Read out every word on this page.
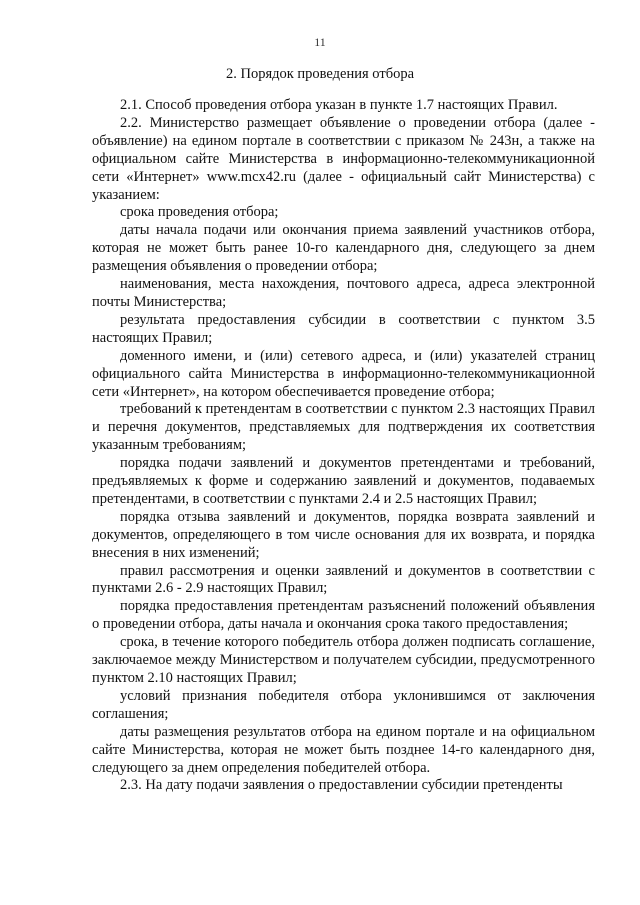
11
2. Порядок проведения отбора

2.1. Способ проведения отбора указан в пункте 1.7 настоящих Правил.

2.2. Министерство размещает объявление о проведении отбора (далее - объявление) на едином портале в соответствии с приказом № 243н, а также на официальном сайте Министерства в информационно-телекоммуникационной сети «Интернет» www.mcx42.ru (далее - официальный сайт Министерства) с указанием:

срока проведения отбора;

даты начала подачи или окончания приема заявлений участников отбора, которая не может быть ранее 10-го календарного дня, следующего за днем размещения объявления о проведении отбора;

наименования, места нахождения, почтового адреса, адреса электронной почты Министерства;

результата предоставления субсидии в соответствии с пунктом 3.5 настоящих Правил;

доменного имени, и (или) сетевого адреса, и (или) указателей страниц официального сайта Министерства в информационно-телекоммуникационной сети «Интернет», на котором обеспечивается проведение отбора;

требований к претендентам в соответствии с пунктом 2.3 настоящих Правил и перечня документов, представляемых для подтверждения их соответствия указанным требованиям;

порядка подачи заявлений и документов претендентами и требований, предъявляемых к форме и содержанию заявлений и документов, подаваемых претендентами, в соответствии с пунктами 2.4 и 2.5 настоящих Правил;

порядка отзыва заявлений и документов, порядка возврата заявлений и документов, определяющего в том числе основания для их возврата, и порядка внесения в них изменений;

правил рассмотрения и оценки заявлений и документов в соответствии с пунктами 2.6 - 2.9 настоящих Правил;

порядка предоставления претендентам разъяснений положений объявления о проведении отбора, даты начала и окончания срока такого предоставления;

срока, в течение которого победитель отбора должен подписать соглашение, заключаемое между Министерством и получателем субсидии, предусмотренного пунктом 2.10 настоящих Правил;

условий признания победителя отбора уклонившимся от заключения соглашения;

даты размещения результатов отбора на едином портале и на официальном сайте Министерства, которая не может быть позднее 14-го календарного дня, следующего за днем определения победителей отбора.

2.3. На дату подачи заявления о предоставлении субсидии претенденты
